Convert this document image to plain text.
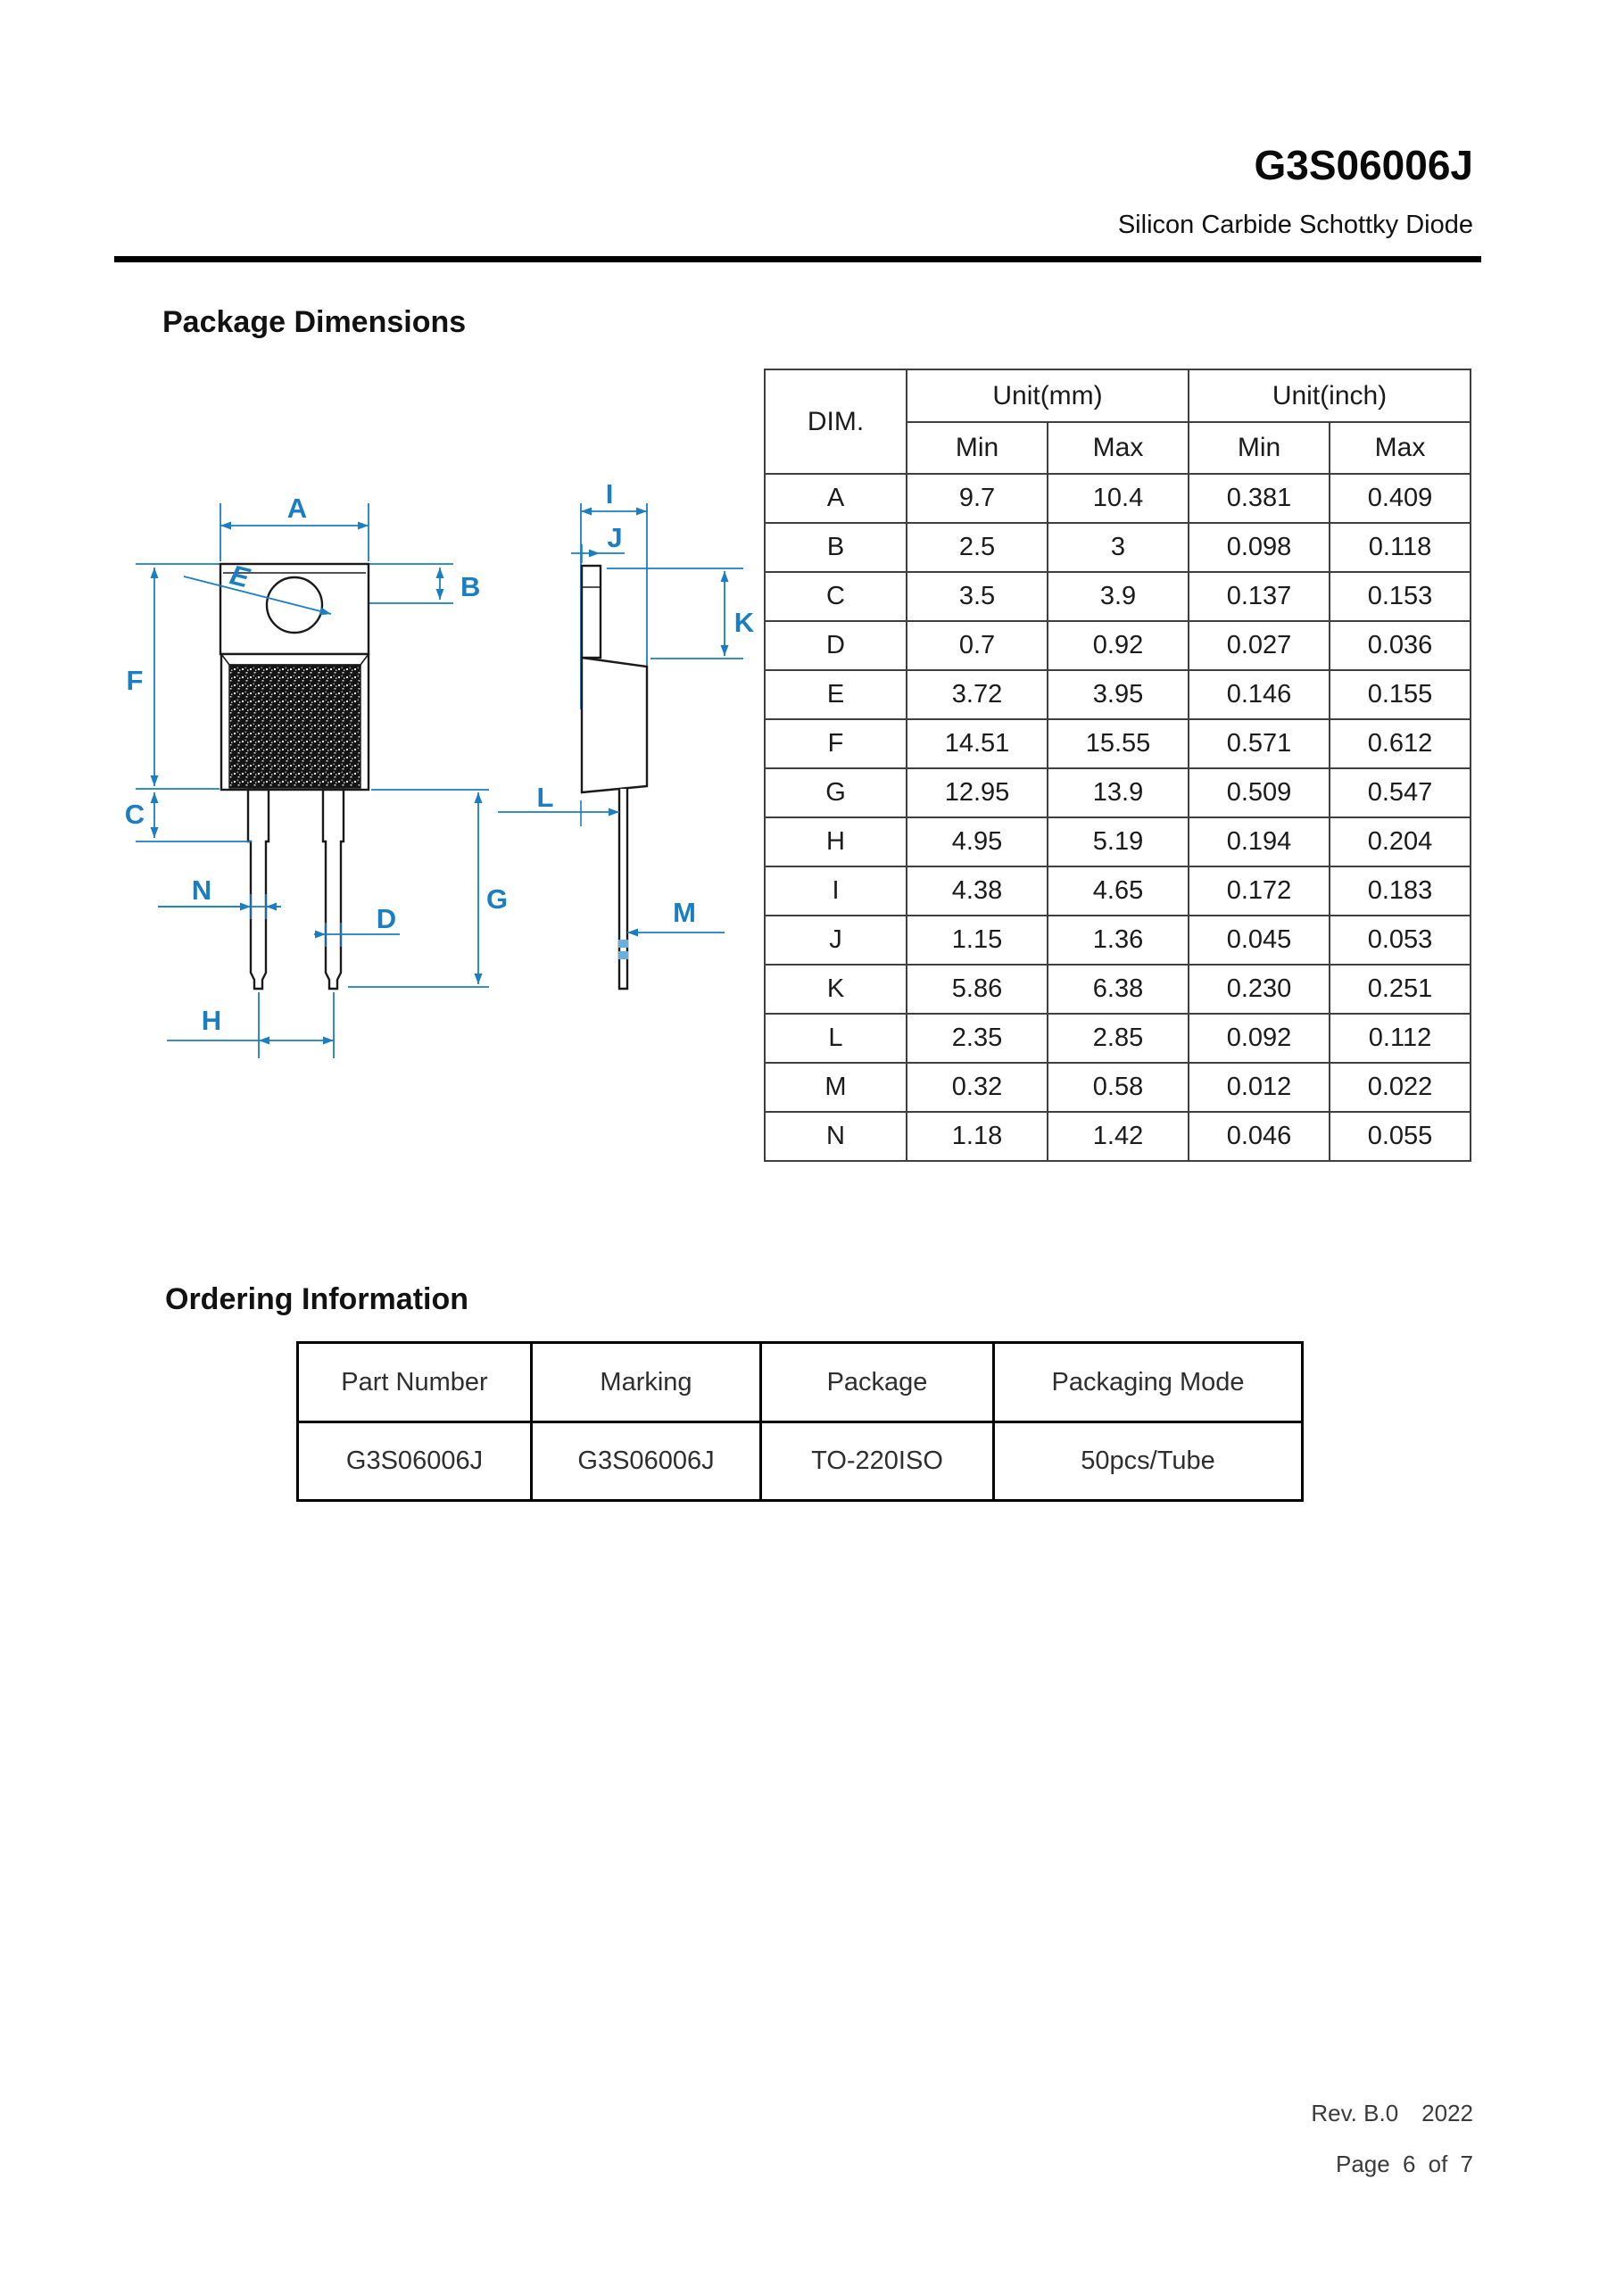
G3S06006J
Silicon Carbide Schottky Diode
Package Dimensions
A
B
E
F
C
N
D
G
H
I
J
K
L
M
DIM.	Unit(mm)		Unit(inch)	
	Min	Max	Min	Max
A	9.7	10.4	0.381	0.409
B	2.5	3	0.098	0.118
C	3.5	3.9	0.137	0.153
D	0.7	0.92	0.027	0.036
E	3.72	3.95	0.146	0.155
F	14.51	15.55	0.571	0.612
G	12.95	13.9	0.509	0.547
H	4.95	5.19	0.194	0.204
I	4.38	4.65	0.172	0.183
J	1.15	1.36	0.045	0.053
K	5.86	6.38	0.230	0.251
L	2.35	2.85	0.092	0.112
M	0.32	0.58	0.012	0.022
N	1.18	1.42	0.046	0.055
Ordering Information
Part Number	Marking	Package	Packaging Mode
G3S06006J	G3S06006J	TO-220ISO	50pcs/Tube
Rev. B.0 2022
Page 6 of 7
